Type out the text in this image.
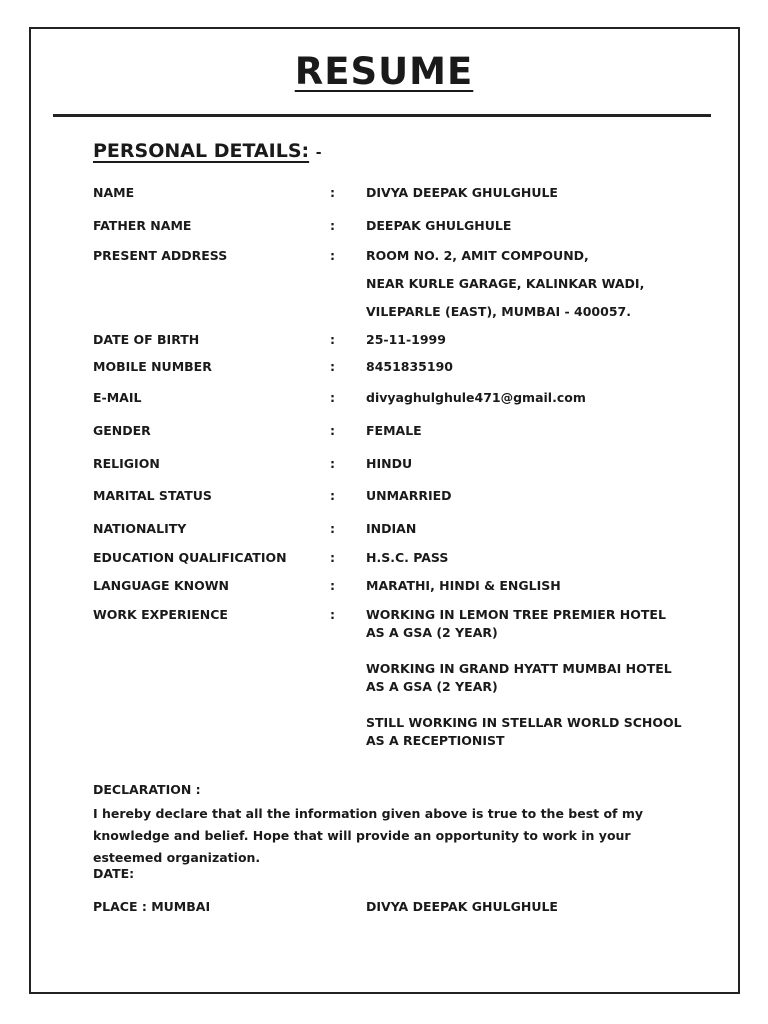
RESUME
PERSONAL DETAILS: -
NAME	: DIVYA DEEPAK GHULGHULE
FATHER NAME	: DEEPAK GHULGHULE
PRESENT ADDRESS	: ROOM NO. 2, AMIT COMPOUND,
NEAR KURLE GARAGE, KALINKAR WADI,
VILEPARLE (EAST), MUMBAI - 400057.
DATE OF BIRTH	: 25-11-1999
MOBILE NUMBER	: 8451835190
E-MAIL	: divyaghulghule471@gmail.com
GENDER	: FEMALE
RELIGION	: HINDU
MARITAL STATUS	: UNMARRIED
NATIONALITY	: INDIAN
EDUCATION QUALIFICATION	: H.S.C. PASS
LANGUAGE KNOWN	: MARATHI, HINDI & ENGLISH
WORK EXPERIENCE	: WORKING IN LEMON TREE PREMIER HOTEL
AS A GSA (2 YEAR)
WORKING IN GRAND HYATT MUMBAI HOTEL
AS A GSA (2 YEAR)
STILL WORKING IN STELLAR WORLD SCHOOL
AS A RECEPTIONIST
DECLARATION :
I hereby declare that all the information given above is true to the best of my knowledge and belief. Hope that will provide an opportunity to work in your esteemed organization.
DATE:
PLACE : MUMBAI	DIVYA DEEPAK GHULGHULE
